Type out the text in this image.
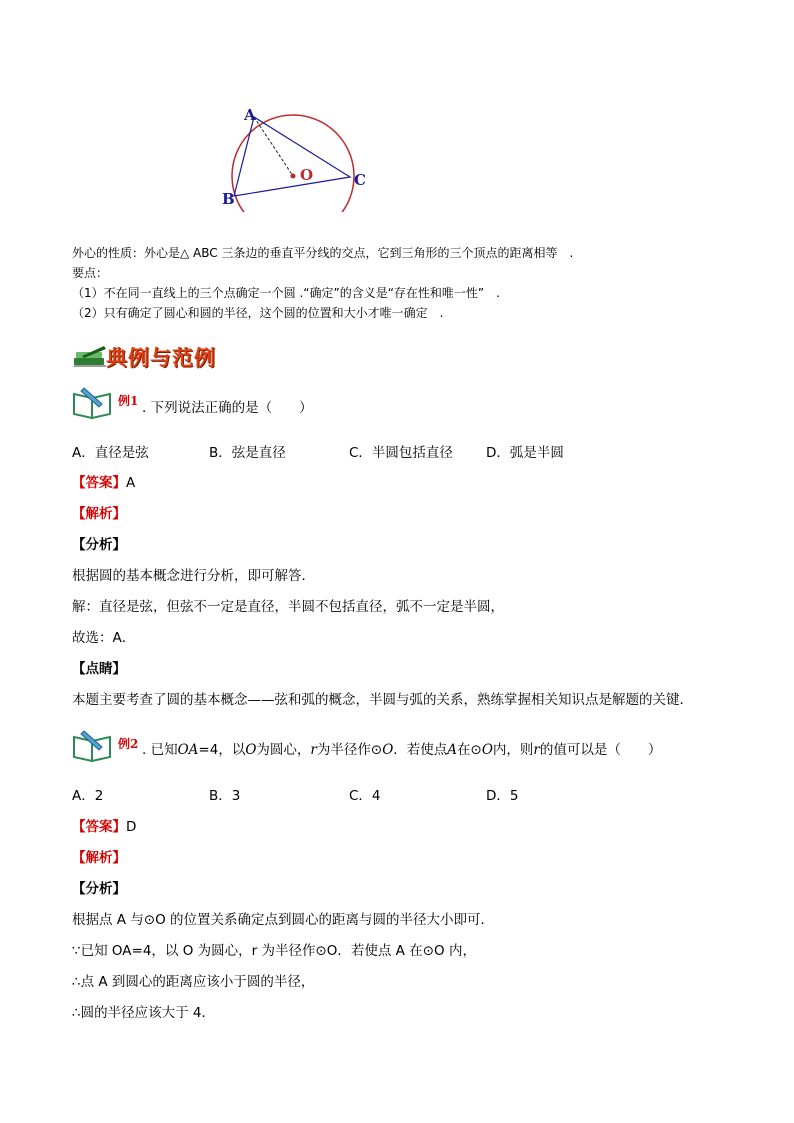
A
B
C
O
外心的性质：外心是△ ABC 三条边的垂直平分线的交点，它到三角形的三个顶点的距离相等　.
要点：
（1）不在同一直线上的三个点确定一个圆 .“确定”的含义是“存在性和唯一性”　.
（2）只有确定了圆心和圆的半径，这个圆的位置和大小才唯一确定　.
典例与范例
例1 . 下列说法正确的是（　　）
A．直径是弦	B．弦是直径	C．半圆包括直径 D．弧是半圆
【答案】A
【解析】
【分析】
根据圆的基本概念进行分析，即可解答．
解：直径是弦，但弦不一定是直径，半圆不包括直径，弧不一定是半圆，
故选：A．
【点睛】
本题主要考查了圆的基本概念——弦和弧的概念，半圆与弧的关系，熟练掌握相关知识点是解题的关键．
例2 . 已知OA=4，以O为圆心，r为半径作⊙O．若使点A在⊙O内，则r的值可以是（　　）
A．2	B．3	C．4	D．5
【答案】D
【解析】
【分析】
根据点 A 与⊙O 的位置关系确定点到圆心的距离与圆的半径大小即可．
∵已知 OA=4，以 O 为圆心，r 为半径作⊙O．若使点 A 在⊙O 内，
∴点 A 到圆心的距离应该小于圆的半径，
∴圆的半径应该大于 4．
